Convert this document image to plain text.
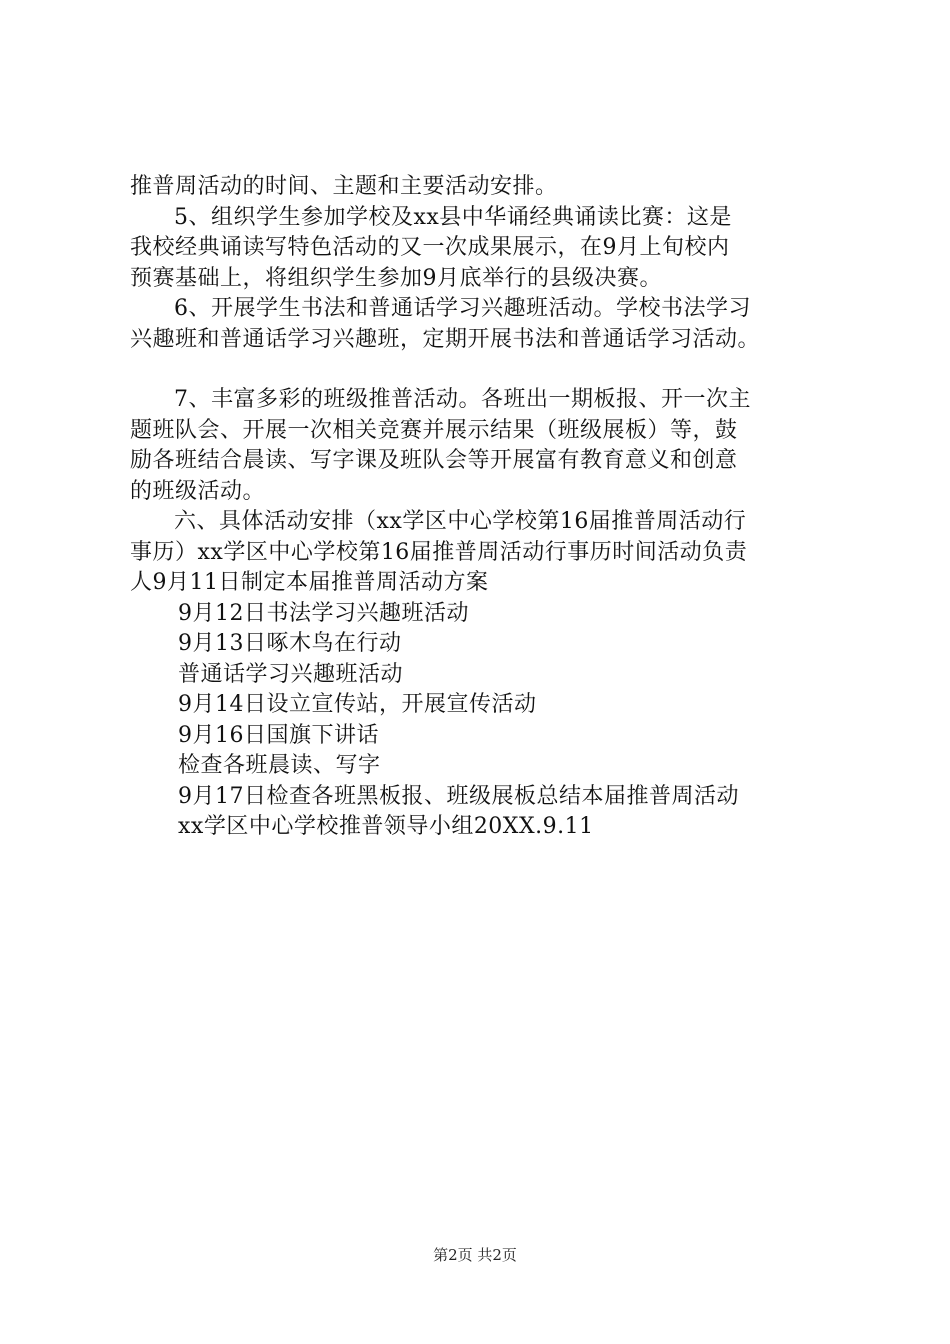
推普周活动的时间、主题和主要活动安排。
5、组织学生参加学校及xx县中华诵经典诵读比赛：这是
我校经典诵读写特色活动的又一次成果展示，在9月上旬校内
预赛基础上，将组织学生参加9月底举行的县级决赛。
6、开展学生书法和普通话学习兴趣班活动。学校书法学习
兴趣班和普通话学习兴趣班，定期开展书法和普通话学习活动。
7、丰富多彩的班级推普活动。各班出一期板报、开一次主
题班队会、开展一次相关竞赛并展示结果（班级展板）等，鼓
励各班结合晨读、写字课及班队会等开展富有教育意义和创意
的班级活动。
六、具体活动安排（xx学区中心学校第16届推普周活动行
事历）xx学区中心学校第16届推普周活动行事历时间活动负责
人9月11日制定本届推普周活动方案
9月12日书法学习兴趣班活动
9月13日啄木鸟在行动
普通话学习兴趣班活动
9月14日设立宣传站，开展宣传活动
9月16日国旗下讲话
检查各班晨读、写字
9月17日检查各班黑板报、班级展板总结本届推普周活动
xx学区中心学校推普领导小组20XX.9.11
第2页 共2页
